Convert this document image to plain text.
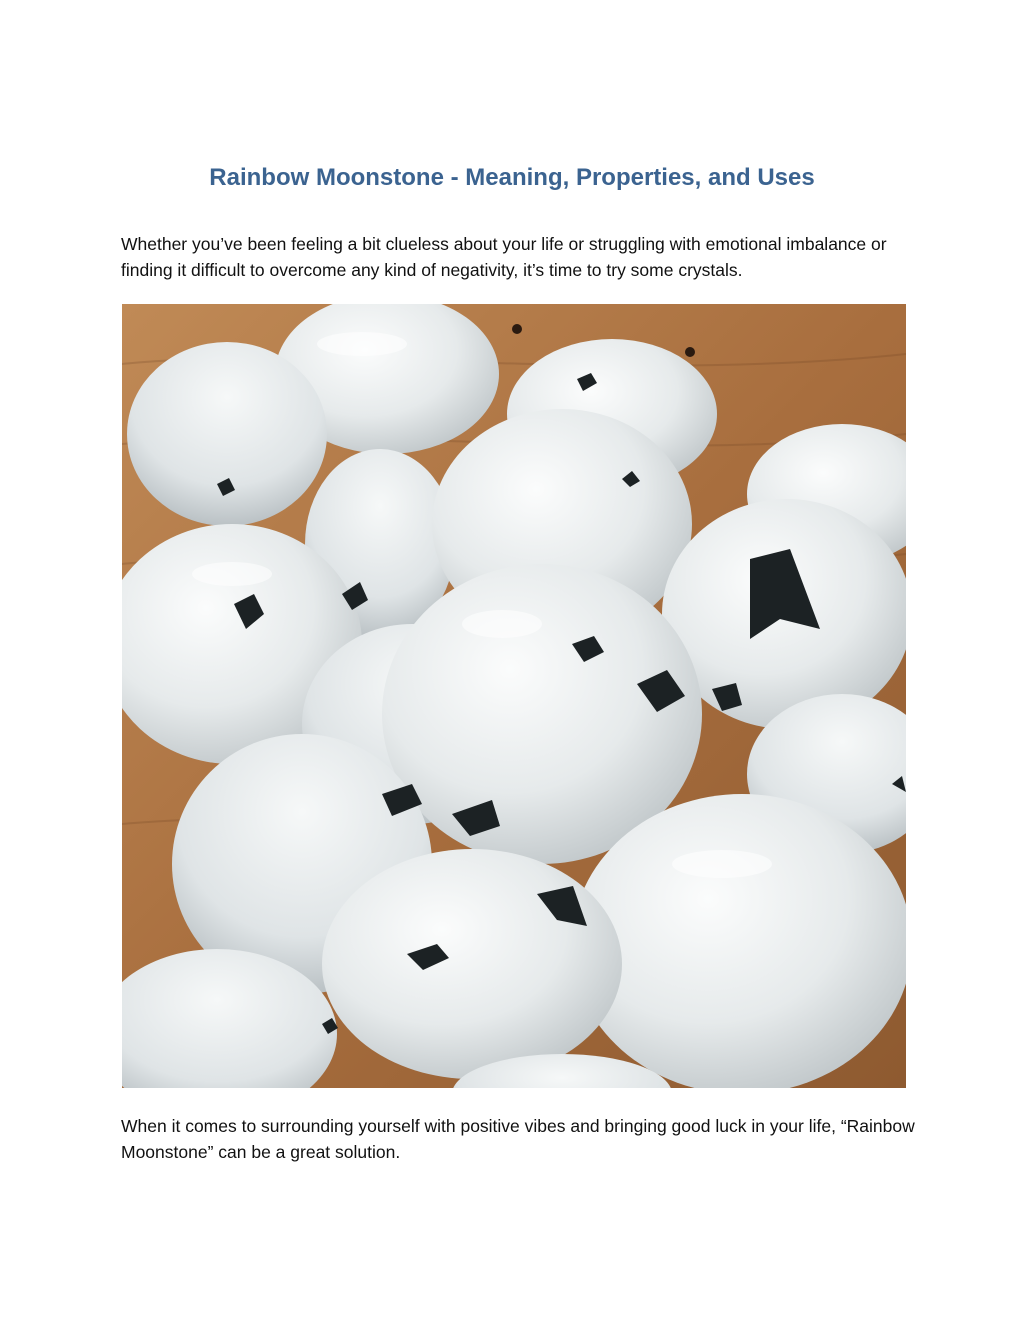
Rainbow Moonstone - Meaning, Properties, and Uses

Whether you’ve been feeling a bit clueless about your life or struggling with emotional imbalance or finding it difficult to overcome any kind of negativity, it’s time to try some crystals.

When it comes to surrounding yourself with positive vibes and bringing good luck in your life, “Rainbow Moonstone” can be a great solution.
